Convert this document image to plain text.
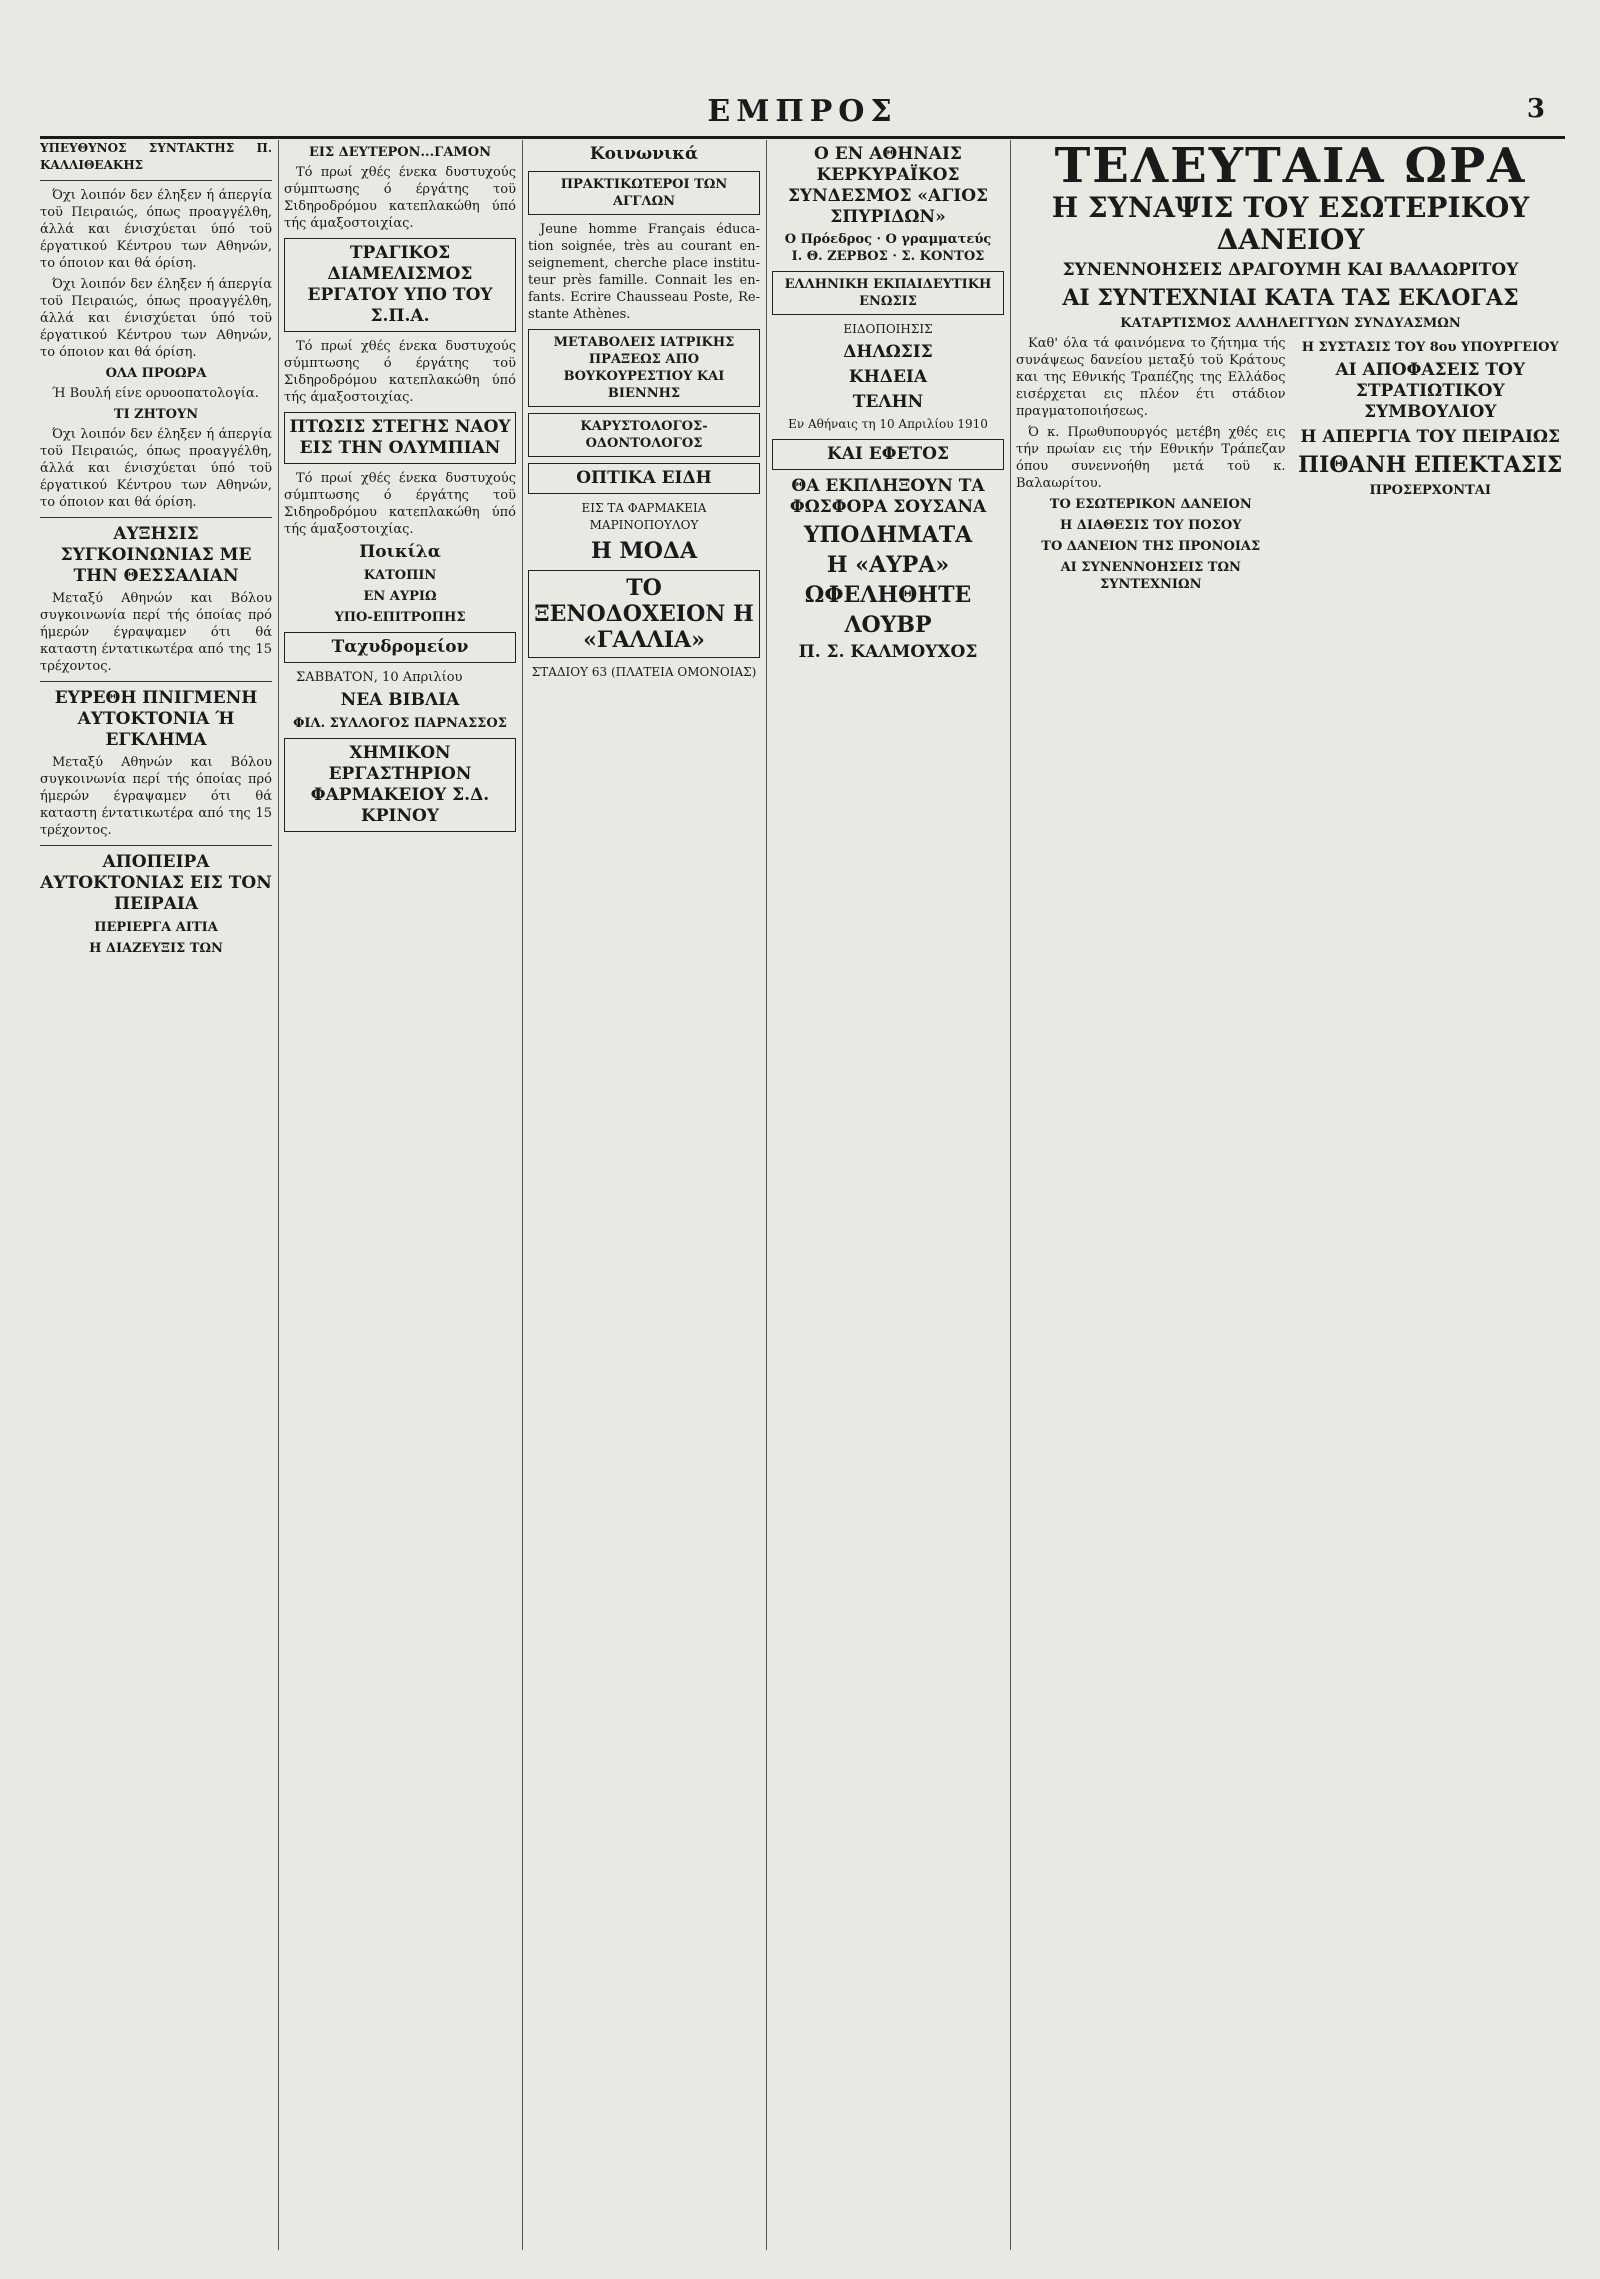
ΕΜΠΡΟΣ	3
ΥΠΕΥΘΥΝΟΣ ΣΥΝΤΑΚΤΗΣ Π. ΚΑΛΛΙΘΕΑΚΗΣ

Όχι λοιπόν δεν έληξεν ή άπεργία τοϋ Πειραιώς, όπως προαγγέλθη, άλλά και ένισχύεται ύπό τοϋ έργατικού Κέντρου των Αθηνών, το όποιον και θά όρίση.

Όχι λοιπόν δεν έληξεν ή άπεργία τοϋ Πειραιώς, όπως προαγγέλθη, άλλά και ένισχύεται ύπό τοϋ έργατικού Κέντρου των Αθηνών, το όποιον και θά όρίση.

ΟΛΑ ΠΡΟΩΡΑ

Ή Βουλή είνε ορυοοπατολογία.

ΤΙ ΖΗΤΟΥΝ

Όχι λοιπόν δεν έληξεν ή άπεργία τοϋ Πειραιώς, όπως προαγγέλθη, άλλά και ένισχύεται ύπό τοϋ έργατικού Κέντρου των Αθηνών, το όποιον και θά όρίση.

ΑΥΞΗΣΙΣ ΣΥΓΚΟΙΝΩΝΙΑΣ ΜΕ ΤΗΝ ΘΕΣΣΑΛΙΑΝ

Μεταξύ Αθηνών και Βόλου συγκοινωνία περί τής όποίας πρό ήμερών έγραψαμεν ότι θά καταστη έντατικωτέρα από της 15 τρέχοντος.

ΕΥΡΕΘΗ ΠΝΙΓΜΕΝΗ ΑΥΤΟΚΤΟΝΙΑ Ή ΕΓΚΛΗΜΑ

Μεταξύ Αθηνών και Βόλου συγκοινωνία περί τής όποίας πρό ήμερών έγραψαμεν ότι θά καταστη έντατικωτέρα από της 15 τρέχοντος.

ΑΠΟΠΕΙΡΑ ΑΥΤΟΚΤΟΝΙΑΣ ΕΙΣ ΤΟΝ ΠΕΙΡΑΙΑ
ΠΕΡΙΕΡΓΑ ΑΙΤΙΑ
Η ΔΙΑΖΕΥΞΙΣ ΤΩΝ
ΕΙΣ ΔΕΥΤΕΡΟΝ...ΓΑΜΟΝ

Τό πρωί χθές ένεκα δυστυχούς σύμπτωσης ό έργάτης τοϋ Σιδηροδρόμου κατεπλακώθη ύπό τής άμαξοστοιχίας.

ΤΡΑΓΙΚΟΣ ΔΙΑΜΕΛΙΣΜΟΣ ΕΡΓΑΤΟΥ ΥΠΟ ΤΟΥ Σ.Π.Α.

Τό πρωί χθές ένεκα δυστυχούς σύμπτωσης ό έργάτης τοϋ Σιδηροδρόμου κατεπλακώθη ύπό τής άμαξοστοιχίας.

ΠΤΩΣΙΣ ΣΤΕΓΗΣ ΝΑΟΥ ΕΙΣ ΤΗΝ ΟΛΥΜΠΙΑΝ

Τό πρωί χθές ένεκα δυστυχούς σύμπτωσης ό έργάτης τοϋ Σιδηροδρόμου κατεπλακώθη ύπό τής άμαξοστοιχίας.

Ποικίλα
ΚΑΤΟΠΙΝ
ΕΝ ΑΥΡΙΩ
ΥΠΟ-ΕΠΙΤΡΟΠΗΣ
Ταχυδρομείον

ΣΑΒΒΑΤΟΝ, 10 Απριλίου

ΝΕΑ ΒΙΒΛΙΑ
ΦΙΛ. ΣΥΛΛΟΓΟΣ ΠΑΡΝΑΣΣΟΣ
ΧΗΜΙΚΟΝ ΕΡΓΑΣΤΗΡΙΟΝ ΦΑΡΜΑΚΕΙΟΥ Σ.Δ. ΚΡΙΝΟΥ
Κοινωνικά
ΠΡΑΚΤΙΚΩΤΕΡΟΙ ΤΩΝ ΑΓΓΛΩΝ

Jeune homme Français éducation soignée, très au courant enseignement, cherche place instituteur près famille. Connait les enfants. Ecrire Chausseau Poste, Restante Athènes.

ΜΕΤΑΒΟΛΕΙΣ ΙΑΤΡΙΚΗΣ ΠΡΑΞΕΩΣ ΑΠΟ ΒΟΥΚΟΥΡΕΣΤΙΟΥ ΚΑΙ ΒΙΕΝΝΗΣ
ΚΑΡΥΣΤΟΛΟΓΟΣ-ΟΔΟΝΤΟΛΟΓΟΣ
ΟΠΤΙΚΑ ΕΙΔΗ
ΕΙΣ ΤΑ ΦΑΡΜΑΚΕΙΑ ΜΑΡΙΝΟΠΟΥΛΟΥ
Η ΜΟΔΑ
ΤΟ ΞΕΝΟΔΟΧΕΙΟΝ Η «ΓΑΛΛΙΑ»
ΣΤΑΔΙΟΥ 63 (ΠΛΑΤΕΙΑ ΟΜΟΝΟΙΑΣ)
Ο ΕΝ ΑΘΗΝΑΙΣ ΚΕΡΚΥΡΑΪΚΟΣ ΣΥΝΔΕΣΜΟΣ «ΑΓΙΟΣ ΣΠΥΡΙΔΩΝ»
Ο Πρόεδρος · Ο γραμματεύς
Ι. Θ. ΖΕΡΒΟΣ · Σ. ΚΟΝΤΟΣ
ΕΛΛΗΝΙΚΗ ΕΚΠΑΙΔΕΥΤΙΚΗ ΕΝΩΣΙΣ
ΕΙΔΟΠΟΙΗΣΙΣ
ΔΗΛΩΣΙΣ
ΚΗΔΕΙΑ
ΤΕΛΗΝ
Εν Αθήναις τη 10 Απριλίου 1910
ΚΑΙ ΕΦΕΤΟΣ
ΘΑ ΕΚΠΛΗΞΟΥΝ ΤΑ ΦΩΣΦΟΡΑ ΣΟΥΣΑΝΑ
ΥΠΟΔΗΜΑΤΑ
Η «ΑΥΡΑ»
ΩΦΕΛΗΘΗΤΕ
ΛΟΥΒΡ
Π. Σ. ΚΑΛΜΟΥΧΟΣ
ΤΕΛΕΥΤΑΙΑ ΩΡΑ
Η ΣΥΝΑΨΙΣ ΤΟΥ ΕΣΩΤΕΡΙΚΟΥ ΔΑΝΕΙΟΥ
ΣΥΝΕΝΝΟΗΣΕΙΣ ΔΡΑΓΟΥΜΗ ΚΑΙ ΒΑΛΑΩΡΙΤΟΥ
ΑΙ ΣΥΝΤΕΧΝΙΑΙ ΚΑΤΑ ΤΑΣ ΕΚΛΟΓΑΣ
ΚΑΤΑΡΤΙΣΜΟΣ ΑΛΛΗΛΕΓΓΥΩΝ ΣΥΝΔΥΑΣΜΩΝ

Καθ' όλα τά φαινόμενα το ζήτημα τής συνάψεως δανείου μεταξύ τοϋ Κράτους και της Εθνικής Τραπέζης της Ελλάδος εισέρχεται εις πλέον έτι στάδιον πραγματοποιήσεως.

Ό κ. Πρωθυπουργός μετέβη χθές εις τήν πρωίαν εις τήν Εθνικήν Τράπεζαν όπου συνεννοήθη μετά τοϋ κ. Βαλαωρίτου.

ΤΟ ΕΣΩΤΕΡΙΚΟΝ ΔΑΝΕΙΟΝ
Η ΔΙΑΘΕΣΙΣ ΤΟΥ ΠΟΣΟΥ
ΤΟ ΔΑΝΕΙΟΝ ΤΗΣ ΠΡΟΝΟΙΑΣ
ΑΙ ΣΥΝΕΝΝΟΗΣΕΙΣ ΤΩΝ ΣΥΝΤΕΧΝΙΩΝ
Η ΣΥΣΤΑΣΙΣ ΤΟΥ 8ου ΥΠΟΥΡΓΕΙΟΥ
ΑΙ ΑΠΟΦΑΣΕΙΣ ΤΟΥ ΣΤΡΑΤΙΩΤΙΚΟΥ ΣΥΜΒΟΥΛΙΟΥ
Η ΑΠΕΡΓΙΑ ΤΟΥ ΠΕΙΡΑΙΩΣ
ΠΙΘΑΝΗ ΕΠΕΚΤΑΣΙΣ
ΠΡΟΣΕΡΧΟΝΤΑΙ
